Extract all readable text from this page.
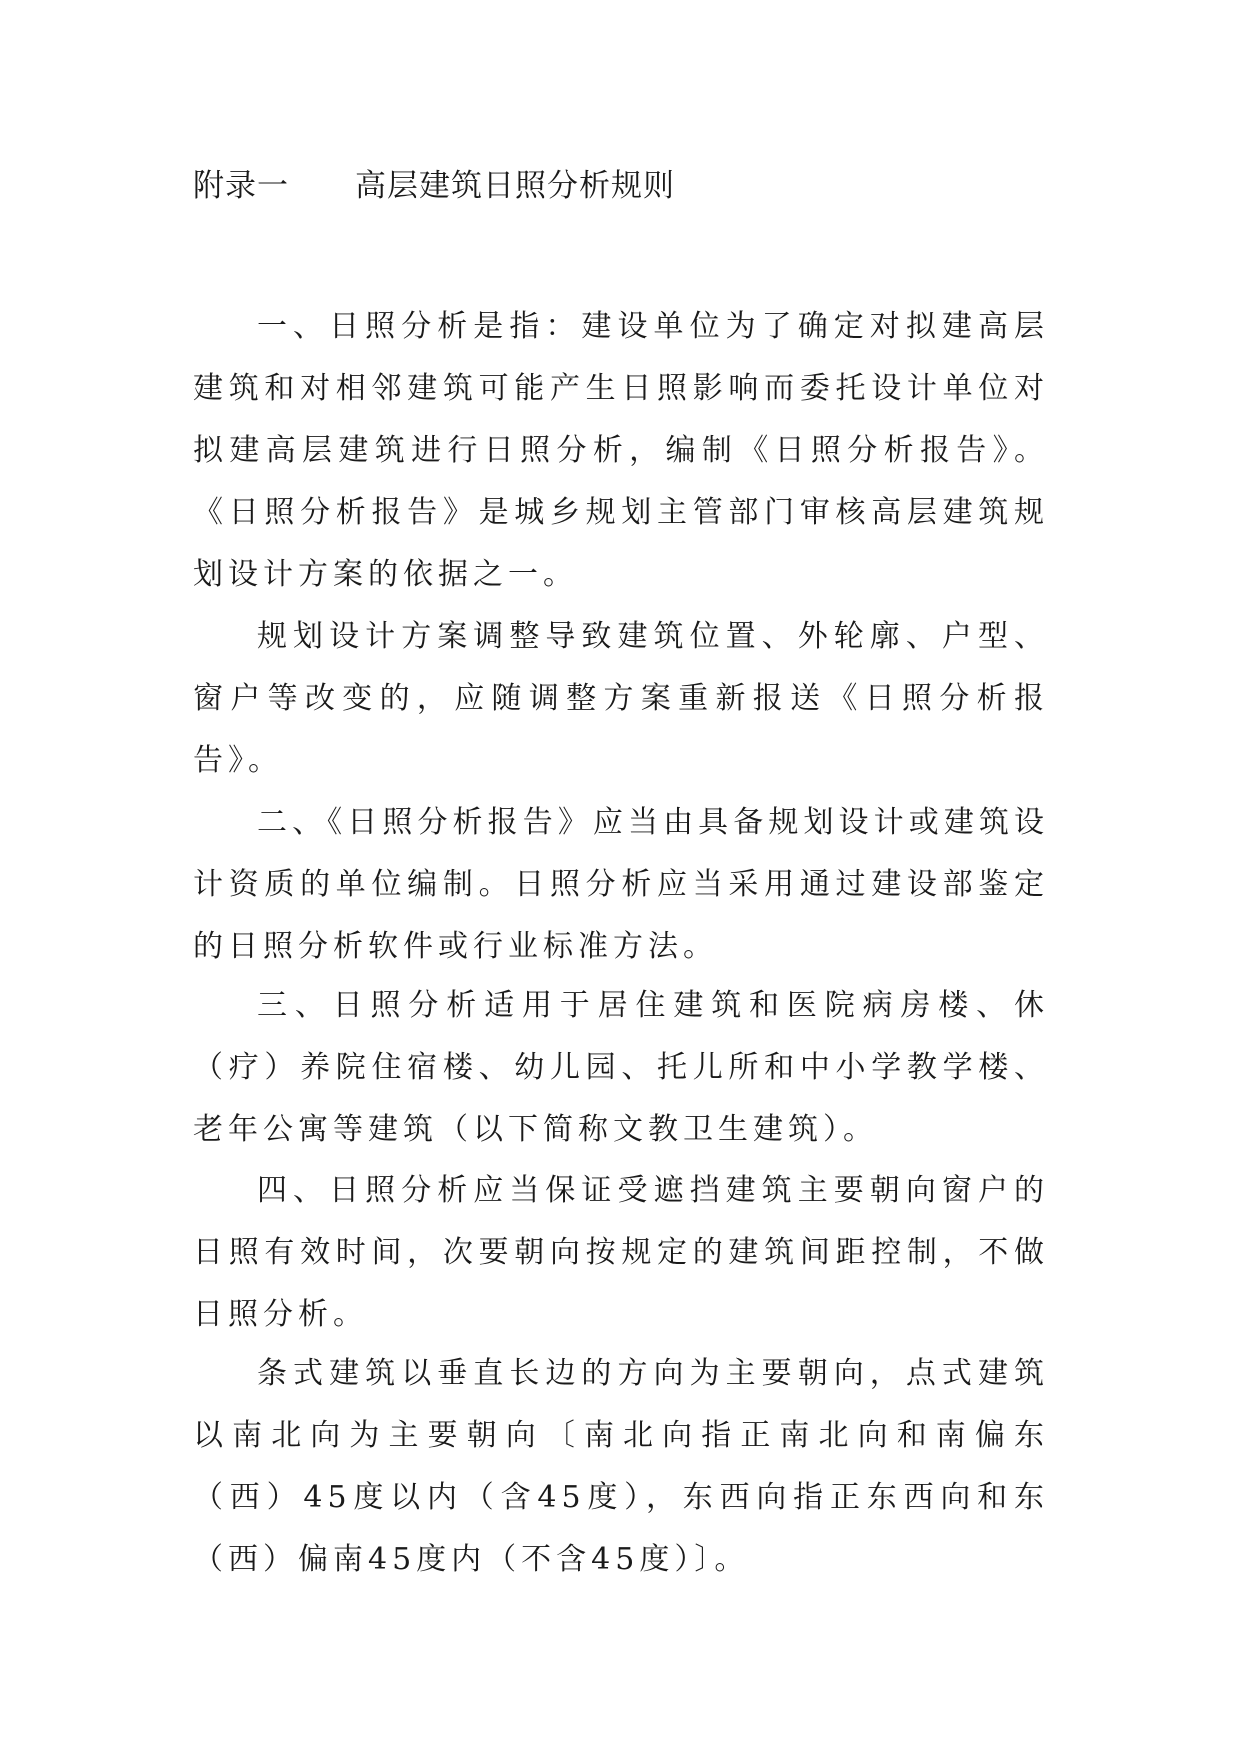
附录一 高层建筑日照分析规则

一、日照分析是指：建设单位为了确定对拟建高层建筑和对相邻建筑可能产生日照影响而委托设计单位对拟建高层建筑进行日照分析，编制《日照分析报告》。《日照分析报告》是城乡规划主管部门审核高层建筑规划设计方案的依据之一。

规划设计方案调整导致建筑位置、外轮廓、户型、窗户等改变的，应随调整方案重新报送《日照分析报告》。

二、《日照分析报告》应当由具备规划设计或建筑设计资质的单位编制。日照分析应当采用通过建设部鉴定的日照分析软件或行业标准方法。

三、日照分析适用于居住建筑和医院病房楼、休（疗）养院住宿楼、幼儿园、托儿所和中小学教学楼、老年公寓等建筑（以下简称文教卫生建筑）。

四、日照分析应当保证受遮挡建筑主要朝向窗户的日照有效时间，次要朝向按规定的建筑间距控制，不做日照分析。

条式建筑以垂直长边的方向为主要朝向，点式建筑以南北向为主要朝向〔南北向指正南北向和南偏东（西）45度以内（含45度），东西向指正东西向和东（西）偏南45度内（不含45度）〕。
